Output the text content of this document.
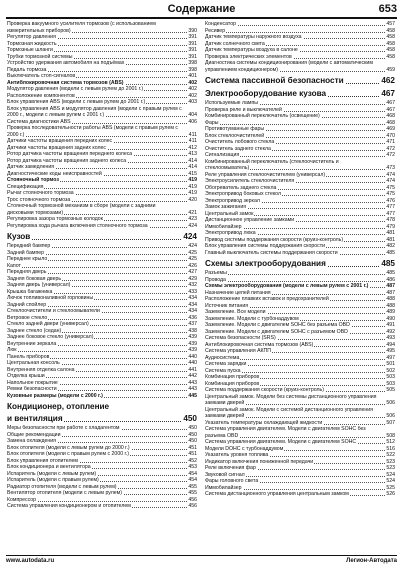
Содержание	653
Проверка вакуумного усилителя тормозов (с использованием измерительных приборов)	390
Регулятор давления	391
Тормозная жидкость	391
Тормозные шланги	391
Трубки тормозной системы	391
Устройство удержания автомобиля на подъёмах	398
Педаль тормоза	398
Выключатель стоп-сигналов	401
Антиблокировочная система тормозов (ABS)	402
Модулятор давления (модели с левым рулем до 2001 г.)	402
Расположение компонентов	402
Блок управления ABS (модели с левым рулем до 2001 г.)	403
Блок управления ABS и модулятор давления (модели с правым рулем с 2000 г., модели с левым рулем с 2001 г.)	404
Система диагностики ABS	406
Проверка последовательности работы ABS (модели с правым рулем с 2000 г.)	411
Датчики частоты вращения передних колес	411
Датчики частоты вращения задних колес	412
Ротор датчика частоты вращения переднего колеса	413
Ротор датчика частоты вращения заднего колеса	414
Датчик замедления	414
Диагностические коды неисправностей	415
Стояночный тормоз	419
Спецификация	419
Рычаг стояночного тормоза	419
Трос стояночного тормоза	420
Стояночный тормозной механизм в сборе (модели с задними дисковыми тормозами)	421
Регулировка зазора тормозных колодок	423
Регулировка хода рычага включения стояночного тормоза	424
Кузов	424
Передний бампер	424
Задний бампер	425
Переднее крыло	425
Капот	426
Передняя дверь	427
Задняя боковая дверь	429
Задняя дверь (универсал)	432
Крышка багажника	433
Лючок топливоналивной горловины	434
Задний спойлер	434
Стеклоочистители и стеклоомыватели	434
Ветровое стекло	436
Стекло задней двери (универсал)	437
Заднее стекло (седан)	438
Заднее боковое стекло (универсал)	439
Внутренние зеркала	439
Люк	439
Панель приборов	440
Центральная консоль	440
Внутренняя отделка салона	441
Отделка крыши	442
Напольное покрытие	443
Ремни безопасности	443
Кузовные размеры (модели с 2000 г.)	445
Кондиционер, отопление
и вентиляция	450
Меры безопасности при работе с хладагентом	450
Общие рекомендации	450
Замена охлаждения	450
Блок отопителя (модели с левым рулем до 2000 г.)	451
Блок отопителя (модели с правым рулем с 2000 г.)	451
Блок управления отопителем	452
Блок кондиционера и вентилятора	453
Испаритель (модели с левым рулем)	454
Испаритель (модели с правым рулем)	454
Радиатор отопителя (модели с левым рулем)	455
Вентилятор отопителя (модели с левым рулем)	455
Компрессор	456
Система управления кондиционером и отопителем	456
Конденсатор	457
Ресивер	458
Датчик температуры наружного воздуха	458
Датчик солнечного света	458
Датчик температуры воздуха в салоне	458
Проверка электрических элементов	458
Диагностика системы кондиционирования (модели с автоматическим управлением кондиционером)	459
Система пассивной безопасности	462
Электрооборудование кузова	467
Используемые лампы	467
Проверка реле и выключателей	467
Комбинированный переключатель (освещение)	468
Фары	468
Противотуманные фары	469
Блок стеклоочистителей	470
Очиститель лобового стекла	471
Очиститель заднего стекла	472
Сигнализация	472
Комбинированный переключатель (стеклоочиститель и стеклоомыватель)	473
Реле управления стеклоочистителем (универсал)	474
Электроусилитель стеклоочистителя	474
Обогреватель заднего стекла	475
Электропривод боковых стекол	475
Электропривод зеркал	476
Замок зажигания	477
Центральный замок	477
Дистанционное управление замками	478
Иммобилайзер	479
Электропривод люка	481
Привод системы поддержания скорости (круиз-контроль)	481
Блок управления системы поддержания скорости	482
Главный выключатель системы поддержания скорости	485
Схемы электрооборудования	485
Разъемы	485
Провода	486
Схемы электрооборудования (модели с левым рулем с 2001 г.)	487
Назначение цепей питания	487
Расположение плавких вставок и предохранителей	488
Источник питания	488
Заземление. Все модели	489
Заземление. Модели с турбонаддувом	490
Заземление. Модели с двигателем SOHC без разъема OBD	491
Заземление. Модели с двигателем SOHC с разъемом OBD	492
Система безопасности (SRS)	493
Антиблокировочная система тормозов (ABS)	494
Система управления АКПП	495
Аудиосистема	497
Система зарядки	501
Система пуска	502
Комбинация приборов	503
Комбинация приборов	503
Система поддержания скорости (круиз-контроль)	505
Центральный замок. Модели без системы дистанционного управления замками дверей	506
Центральный замок. Модели с системой дистанционного управления замками дверей	506
Указатель температуры охлаждающей жидкости	507
Система управления двигателем. Модели с двигателем SOHC без разъема OBD	508
Система управления двигателем. Модели с двигателем SOHC	512
Модели DOHC с турбонаддувом	516
Указатель уровня топлива	522
Индикатор включения пониженной передачи	523
Реле включения фар	523
Звуковой сигнал	524
Фары головного света	524
Иммобилайзер	525
Система дистанционного управления центральным замком	526
www.autodata.ru	Легион-Автодата
